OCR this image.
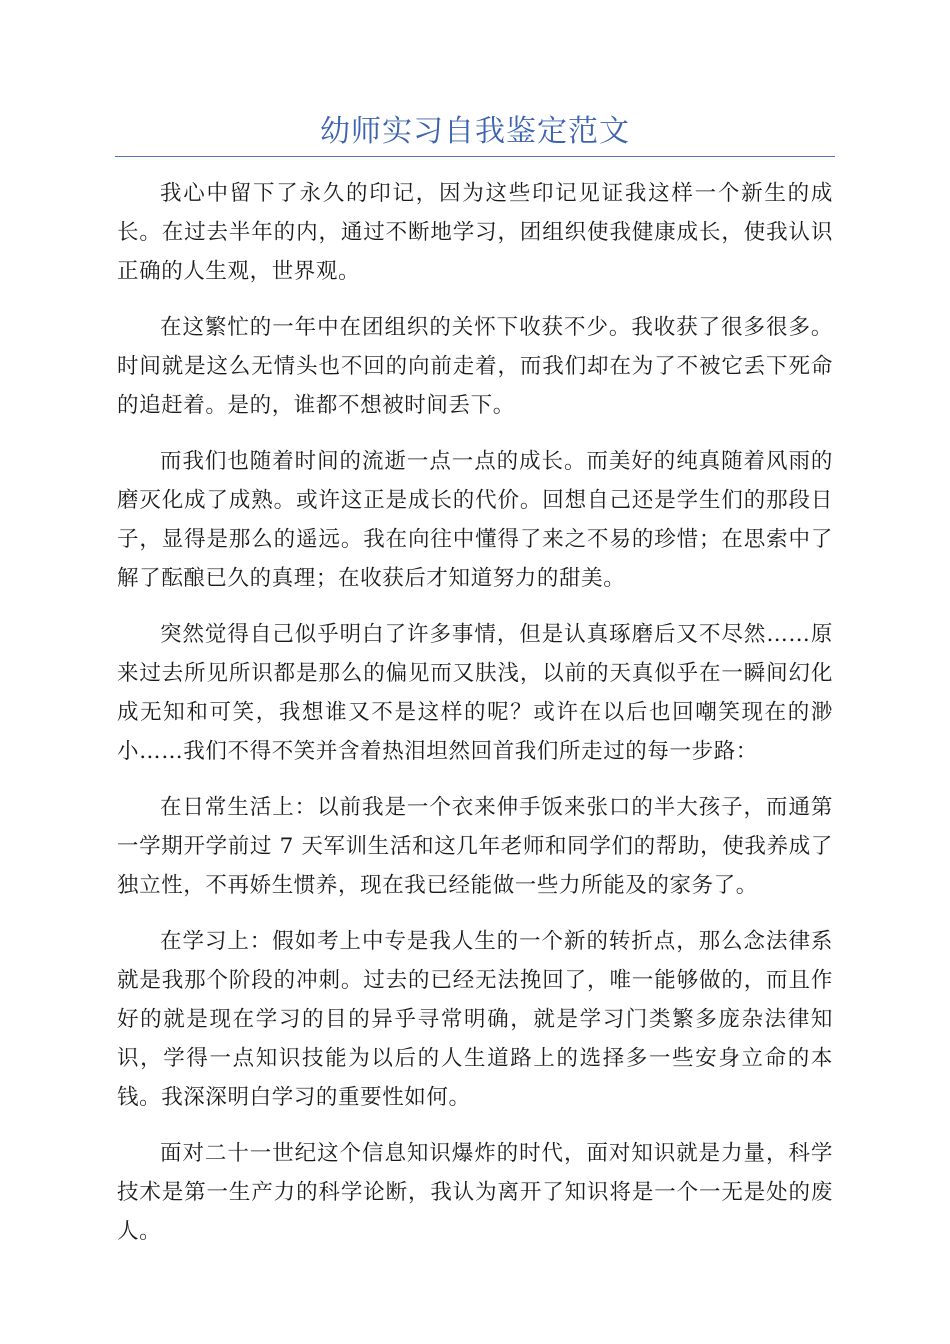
幼师实习自我鉴定范文

我心中留下了永久的印记，因为这些印记见证我这样一个新生的成长。在过去半年的内，通过不断地学习，团组织使我健康成长，使我认识正确的人生观，世界观。

在这繁忙的一年中在团组织的关怀下收获不少。我收获了很多很多。时间就是这么无情头也不回的向前走着，而我们却在为了不被它丢下死命的追赶着。是的，谁都不想被时间丢下。

而我们也随着时间的流逝一点一点的成长。而美好的纯真随着风雨的磨灭化成了成熟。或许这正是成长的代价。回想自己还是学生们的那段日子，显得是那么的遥远。我在向往中懂得了来之不易的珍惜；在思索中了解了酝酿已久的真理；在收获后才知道努力的甜美。

突然觉得自己似乎明白了许多事情，但是认真琢磨后又不尽然……原来过去所见所识都是那么的偏见而又肤浅，以前的天真似乎在一瞬间幻化成无知和可笑，我想谁又不是这样的呢？或许在以后也回嘲笑现在的渺小……我们不得不笑并含着热泪坦然回首我们所走过的每一步路：

在日常生活上：以前我是一个衣来伸手饭来张口的半大孩子，而通第一学期开学前过 7 天军训生活和这几年老师和同学们的帮助，使我养成了独立性，不再娇生惯养，现在我已经能做一些力所能及的家务了。

在学习上：假如考上中专是我人生的一个新的转折点，那么念法律系就是我那个阶段的冲刺。过去的已经无法挽回了，唯一能够做的，而且作好的就是现在学习的目的异乎寻常明确，就是学习门类繁多庞杂法律知识，学得一点知识技能为以后的人生道路上的选择多一些安身立命的本钱。我深深明白学习的重要性如何。

面对二十一世纪这个信息知识爆炸的时代，面对知识就是力量，科学技术是第一生产力的科学论断，我认为离开了知识将是一个一无是处的废人。
